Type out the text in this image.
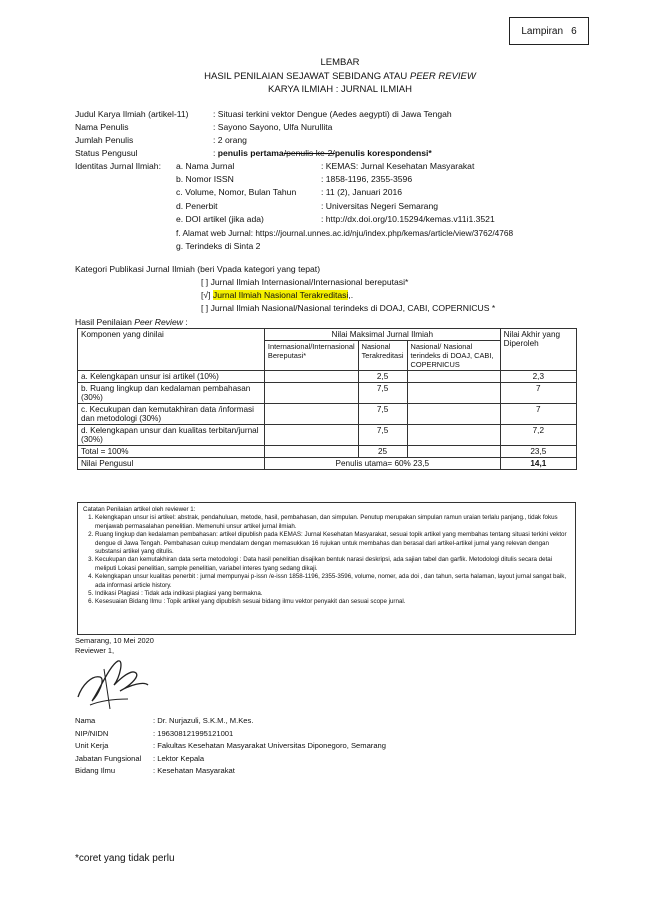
Lampiran 6
LEMBAR
HASIL PENILAIAN SEJAWAT SEBIDANG ATAU PEER REVIEW
KARYA ILMIAH : JURNAL ILMIAH
Judul Karya Ilmiah (artikel-11)	: Situasi terkini vektor Dengue (Aedes aegypti) di Jawa Tengah
Nama Penulis	: Sayono Sayono, Ulfa Nurullita
Jumlah Penulis	: 2 orang
Status Pengusul	: penulis pertama/penulis ke-2/penulis korespondensi*
Identitas Jurnal Ilmiah: a. Nama Jurnal	: KEMAS: Jurnal Kesehatan Masyarakat
b. Nomor ISSN	: 1858-1196, 2355-3596
c. Volume, Nomor, Bulan Tahun	: 11 (2), Januari 2016
d. Penerbit	: Universitas Negeri Semarang
e. DOI artikel (jika ada)	: http://dx.doi.org/10.15294/kemas.v11i1.3521
f. Alamat web Jurnal: https://journal.unnes.ac.id/nju/index.php/kemas/article/view/3762/4768
g. Terindeks di Sinta 2
Kategori Publikasi Jurnal Ilmiah (beri Vpada kategori yang tepat)
[ ] Jurnal Ilmiah Internasional/Internasional bereputasi*
[√] Jurnal Ilmiah Nasional Terakreditasi,.
[ ] Jurnal Ilmiah Nasional/Nasional terindeks di DOAJ, CABI, COPERNICUS *
Hasil Penilaian Peer Review :
Komponen yang dinilai	Nilai Maksimal Jurnal Ilmiah			Nilai Akhir yang Diperoleh
	Internasional/Internasional Bereputasi*	Nasional Terakreditasi	Nasional/ Nasional terindeks di DOAJ, CABI, COPERNICUS	
a. Kelengkapan unsur isi artikel (10%)		2,5		2,3
b. Ruang lingkup dan kedalaman pembahasan (30%)		7,5		7
c. Kecukupan dan kemutakhiran data /informasi dan metodologi (30%)		7,5		7
d. Kelengkapan unsur dan kualitas terbitan/jurnal (30%)		7,5		7,2
Total = 100%		25		23,5
Nilai Pengusul	Penulis utama= 60% 23,5			14,1
Catatan Penilaian artikel oleh reviewer 1:
1. Kelengkapan unsur isi artikel: abstrak, pendahuluan, metode, hasil, pembahasan, dan simpulan. Penutup merupakan simpulan ramun uraian terlalu panjang., tidak fokus menjawab permasalahan penelitian. Memenuhi unsur artikel jurnal ilmiah.
2. Ruang lingkup dan kedalaman pembahasan: artikel dipublish pada KEMAS: Jurnal Kesehatan Masyarakat, sesuai topik artikel yang membahas tentang situasi terkini vektor dengue di Jawa Tengah. Pembahasan cukup mendalam dengan memasukkan 16 rujukan untuk membahas dan berasal dari artikel-artikel jurnal yang relevan dengan substansi artikel yang ditulis.
3. Kecukupan dan kemutakhiran data serta metodologi : Data hasil penelitian disajikan bentuk narasi deskripsi, ada sajian tabel dan garfik. Metodologi ditulis secara detai meliputi Lokasi penelitian, sample penelitian, variabel interes tyang sedang dikaji.
4. Kelengkapan unsur kualitas penerbit : jurnal mempunyai p-issn /e-issn 1858-1196, 2355-3596, volume, nomer, ada doi , dan tahun, serta halaman, layout jurnal sangat baik, ada informasi article history.
5. Indikasi Plagiasi : Tidak ada indikasi plagiasi yang bermakna.
6. Kesesuaian Bidang Ilmu : Topik artikel yang dipublish sesuai bidang ilmu vektor penyakit dan sesuai scope jurnal.
Semarang, 10 Mei 2020
Reviewer 1,
Nama	: Dr. Nurjazuli, S.K.M., M.Kes.
NIP/NIDN	: 196308121995121001
Unit Kerja	: Fakultas Kesehatan Masyarakat Universitas Diponegoro, Semarang
Jabatan Fungsional : Lektor Kepala
Bidang Ilmu	: Kesehatan Masyarakat
*coret yang tidak perlu
